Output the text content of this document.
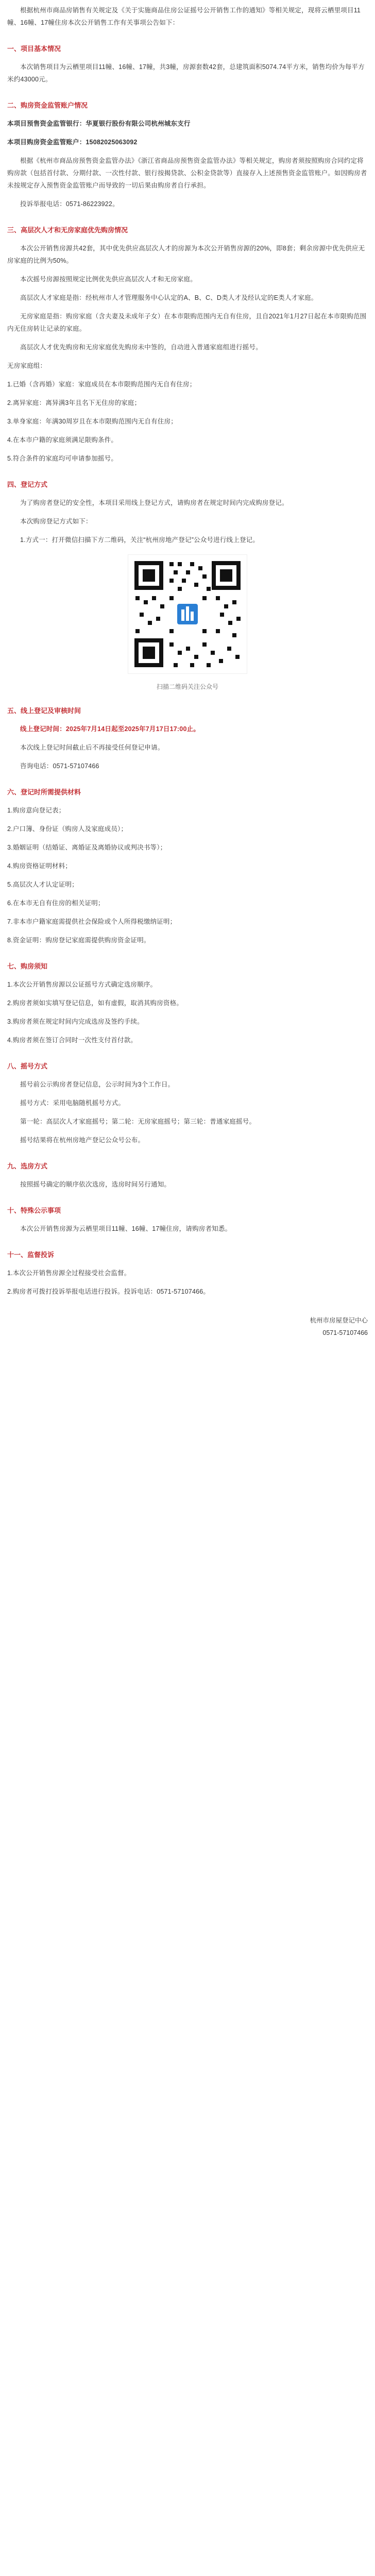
根据杭州市商品房销售有关规定及《关于实施商品住房公证摇号公开销售工作的通知》等相关规定，现将云栖里项目11幢、16幢、17幢住房本次公开销售工作有关事项公告如下：

一、项目基本情况

本次销售项目为云栖里项目11幢、16幢、17幢，共3幢，房源套数42套，总建筑面积5074.74平方米，销售均价为每平方米约43000元。

二、购房资金监管账户情况

本项目预售资金监管银行：华夏银行股份有限公司杭州城东支行

本项目购房资金监管账户：15082025063092

根据《杭州市商品房预售资金监管办法》《浙江省商品房预售资金监管办法》等相关规定，购房者须按照购房合同约定将购房款（包括首付款、分期付款、一次性付款、银行按揭贷款、公积金贷款等）直接存入上述预售资金监管账户。如因购房者未按规定存入预售资金监管账户而导致的一切后果由购房者自行承担。

投诉举报电话：0571-86223922。

三、高层次人才和无房家庭优先购房情况

本次公开销售房源共42套，其中优先供应高层次人才的房源为本次公开销售房源的20%，即8套；剩余房源中优先供应无房家庭的比例为50%。

本次摇号房源按照规定比例优先供应高层次人才和无房家庭。

高层次人才家庭是指：经杭州市人才管理服务中心认定的A、B、C、D类人才及经认定的E类人才家庭。

无房家庭是指：购房家庭（含夫妻及未成年子女）在本市限购范围内无自有住房，且自2021年1月27日起在本市限购范围内无住房转让记录的家庭。

高层次人才优先购房和无房家庭优先购房未中签的，自动进入普通家庭组进行摇号。

无房家庭组：

1.已婚（含再婚）家庭：家庭成员在本市限购范围内无自有住房；

2.离异家庭：离异满3年且名下无住房的家庭；

3.单身家庭：年满30周岁且在本市限购范围内无自有住房；

4.在本市户籍的家庭须满足限购条件。

5.符合条件的家庭均可申请参加摇号。

四、登记方式

为了购房者登记的安全性，本项目采用线上登记方式，请购房者在规定时间内完成购房登记。

本次购房登记方式如下：

1.方式一：打开微信扫描下方二维码，关注“杭州房地产登记”公众号进行线上登记。

扫描二维码关注公众号
五、线上登记及审核时间

线上登记时间：2025年7月14日起至2025年7月17日17:00止。

本次线上登记时间截止后不再接受任何登记申请。

咨询电话：0571-57107466

六、登记时所需提供材料

1.购房意向登记表；

2.户口簿、身份证（购房人及家庭成员）；

3.婚姻证明（结婚证、离婚证及离婚协议或判决书等）；

4.购房资格证明材料；

5.高层次人才认定证明；

6.在本市无自有住房的相关证明；

7.非本市户籍家庭需提供社会保险或个人所得税缴纳证明；

8.资金证明：购房登记家庭需提供购房资金证明。

七、购房须知

1.本次公开销售房源以公证摇号方式确定选房顺序。

2.购房者须如实填写登记信息，如有虚假，取消其购房资格。

3.购房者须在规定时间内完成选房及签约手续。

4.购房者须在签订合同时一次性支付首付款。

八、摇号方式

摇号前公示购房者登记信息，公示时间为3个工作日。

摇号方式：采用电脑随机摇号方式。

第一轮：高层次人才家庭摇号；第二轮：无房家庭摇号；第三轮：普通家庭摇号。

摇号结果将在杭州房地产登记公众号公布。

九、选房方式

按照摇号确定的顺序依次选房，选房时间另行通知。

十、特殊公示事项

本次公开销售房源为云栖里项目11幢、16幢、17幢住房，请购房者知悉。

十一、监督投诉

1.本次公开销售房源全过程接受社会监督。

2.购房者可拨打投诉举报电话进行投诉。投诉电话：0571-57107466。

杭州市房屋登记中心
0571-57107466
